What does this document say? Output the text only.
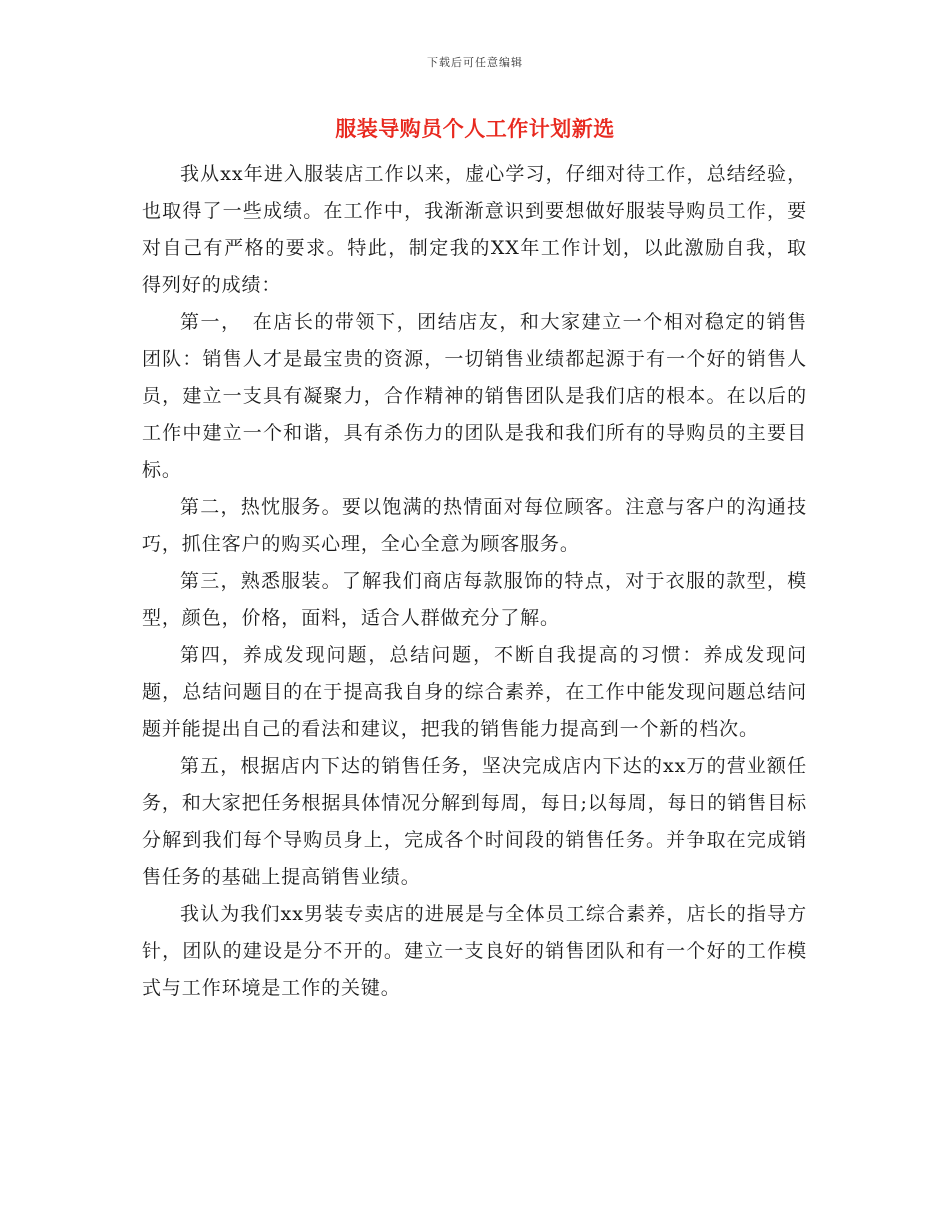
下载后可任意编辑
服装导购员个人工作计划新选

我从xx年进入服装店工作以来，虚心学习，仔细对待工作，总结经验，也取得了一些成绩。在工作中，我渐渐意识到要想做好服装导购员工作，要对自己有严格的要求。特此，制定我的XX年工作计划，以此激励自我，取得列好的成绩：

第一，　在店长的带领下，团结店友，和大家建立一个相对稳定的销售团队：销售人才是最宝贵的资源，一切销售业绩都起源于有一个好的销售人员，建立一支具有凝聚力，合作精神的销售团队是我们店的根本。在以后的工作中建立一个和谐，具有杀伤力的团队是我和我们所有的导购员的主要目标。

第二，热忱服务。要以饱满的热情面对每位顾客。注意与客户的沟通技巧，抓住客户的购买心理，全心全意为顾客服务。

第三，熟悉服装。了解我们商店每款服饰的特点，对于衣服的款型，模型，颜色，价格，面料，适合人群做充分了解。

第四，养成发现问题，总结问题，不断自我提高的习惯：养成发现问题，总结问题目的在于提高我自身的综合素养，在工作中能发现问题总结问题并能提出自己的看法和建议，把我的销售能力提高到一个新的档次。

第五，根据店内下达的销售任务，坚决完成店内下达的xx万的营业额任务，和大家把任务根据具体情况分解到每周，每日;以每周，每日的销售目标分解到我们每个导购员身上，完成各个时间段的销售任务。并争取在完成销售任务的基础上提高销售业绩。

我认为我们xx男装专卖店的进展是与全体员工综合素养，店长的指导方针，团队的建设是分不开的。建立一支良好的销售团队和有一个好的工作模式与工作环境是工作的关键。
